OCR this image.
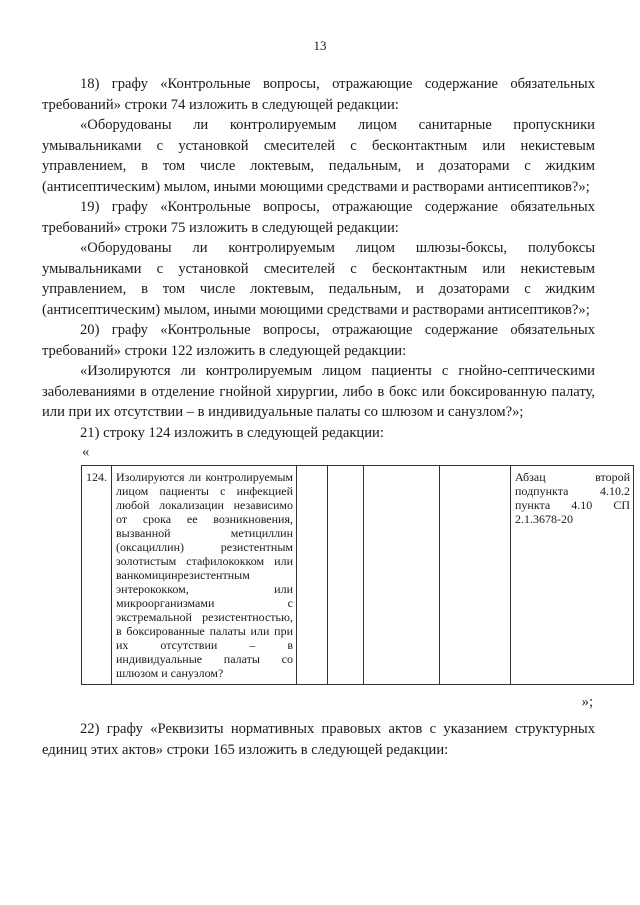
13

18) графу «Контрольные вопросы, отражающие содержание обязательных требований» строки 74 изложить в следующей редакции:

«Оборудованы ли контролируемым лицом санитарные пропускники умывальниками с установкой смесителей с бесконтактным или некистевым управлением, в том числе локтевым, педальным, и дозаторами с жидким (антисептическим) мылом, иными моющими средствами и растворами антисептиков?»;

19) графу «Контрольные вопросы, отражающие содержание обязательных требований» строки 75 изложить в следующей редакции:

«Оборудованы ли контролируемым лицом шлюзы-боксы, полубоксы умывальниками с установкой смесителей с бесконтактным или некистевым управлением, в том числе локтевым, педальным, и дозаторами с жидким (антисептическим) мылом, иными моющими средствами и растворами антисептиков?»;

20) графу «Контрольные вопросы, отражающие содержание обязательных требований» строки 122 изложить в следующей редакции:

«Изолируются ли контролируемым лицом пациенты с гнойно-септическими заболеваниями в отделение гнойной хирургии, либо в бокс или боксированную палату, или при их отсутствии – в индивидуальные палаты со шлюзом и санузлом?»;

21) строку 124 изложить в следующей редакции:

«
124.	Изолируются ли контролируемым лицом пациенты с инфекцией любой локализации независимо от срока ее возникновения, вызванной метициллин (оксациллин) резистентным золотистым стафилококком или ванкомицинрезистентным энтерококком, или микроорганизмами с экстремальной резистентностью, в боксированные палаты или при их отсутствии – в индивидуальные палаты со шлюзом и санузлом?					Абзац второй подпункта 4.10.2 пункта 4.10 СП 2.1.3678-20
»;

22) графу «Реквизиты нормативных правовых актов с указанием структурных единиц этих актов» строки 165 изложить в следующей редакции:
